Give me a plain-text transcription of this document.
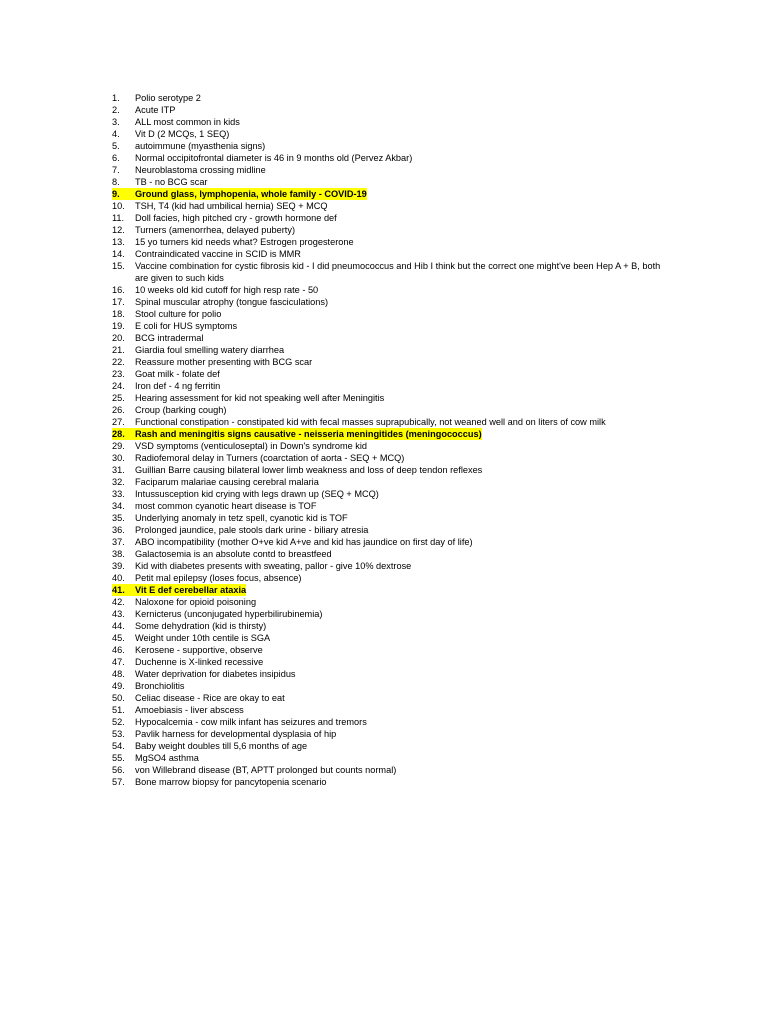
1.	Polio serotype 2
2.	Acute ITP
3.	ALL most common in kids
4.	Vit D (2 MCQs, 1 SEQ)
5.	autoimmune (myasthenia signs)
6.	Normal occipitofrontal diameter is 46 in 9 months old (Pervez Akbar)
7.	Neuroblastoma crossing midline
8.	TB - no BCG scar
9.	Ground glass, lymphopenia, whole family - COVID-19
10.	TSH, T4 (kid had umbilical hernia) SEQ + MCQ
11.	Doll facies, high pitched cry - growth hormone def
12.	Turners (amenorrhea, delayed puberty)
13.	15 yo turners kid needs what? Estrogen progesterone
14.	Contraindicated vaccine in SCID is MMR
15.	Vaccine combination for cystic fibrosis kid - I did pneumococcus and Hib I think but the correct one might've been Hep A + B, both are given to such kids
16.	10 weeks old kid cutoff for high resp rate - 50
17.	Spinal muscular atrophy (tongue fasciculations)
18.	Stool culture for polio
19.	E coli for HUS symptoms
20.	BCG intradermal
21.	Giardia foul smelling watery diarrhea
22.	Reassure mother presenting with BCG scar
23.	Goat milk - folate def
24.	Iron def - 4 ng ferritin
25.	Hearing assessment for kid not speaking well after Meningitis
26.	Croup (barking cough)
27.	Functional constipation - constipated kid with fecal masses suprapubically, not weaned well and on liters of cow milk
28.	Rash and meningitis signs causative - neisseria meningitides (meningococcus)
29.	VSD symptoms (venticuloseptal) in Down's syndrome kid
30.	Radiofemoral delay in Turners (coarctation of aorta - SEQ + MCQ)
31.	Guillian Barre causing bilateral lower limb weakness and loss of deep tendon reflexes
32.	Faciparum malariae causing cerebral malaria
33.	Intussusception kid crying with legs drawn up (SEQ + MCQ)
34.	most common cyanotic heart disease is TOF
35.	Underlying anomaly in tetz spell, cyanotic kid is TOF
36.	Prolonged jaundice, pale stools dark urine - biliary atresia
37.	ABO incompatibility (mother O+ve kid A+ve and kid has jaundice on first day of life)
38.	Galactosemia is an absolute contd to breastfeed
39.	Kid with diabetes presents with sweating, pallor - give 10% dextrose
40.	Petit mal epilepsy (loses focus, absence)
41.	Vit E def cerebellar ataxia
42.	Naloxone for opioid poisoning
43.	Kernicterus (unconjugated hyperbilirubinemia)
44.	Some dehydration (kid is thirsty)
45.	Weight under 10th centile is SGA
46.	Kerosene - supportive, observe
47.	Duchenne is X-linked recessive
48.	Water deprivation for diabetes insipidus
49.	Bronchiolitis
50.	Celiac disease - Rice are okay to eat
51.	Amoebiasis - liver abscess
52.	Hypocalcemia - cow milk infant has seizures and tremors
53.	Pavlik harness for developmental dysplasia of hip
54.	Baby weight doubles till 5,6 months of age
55.	MgSO4 asthma
56.	von Willebrand disease (BT, APTT prolonged but counts normal)
57.	Bone marrow biopsy for pancytopenia scenario
